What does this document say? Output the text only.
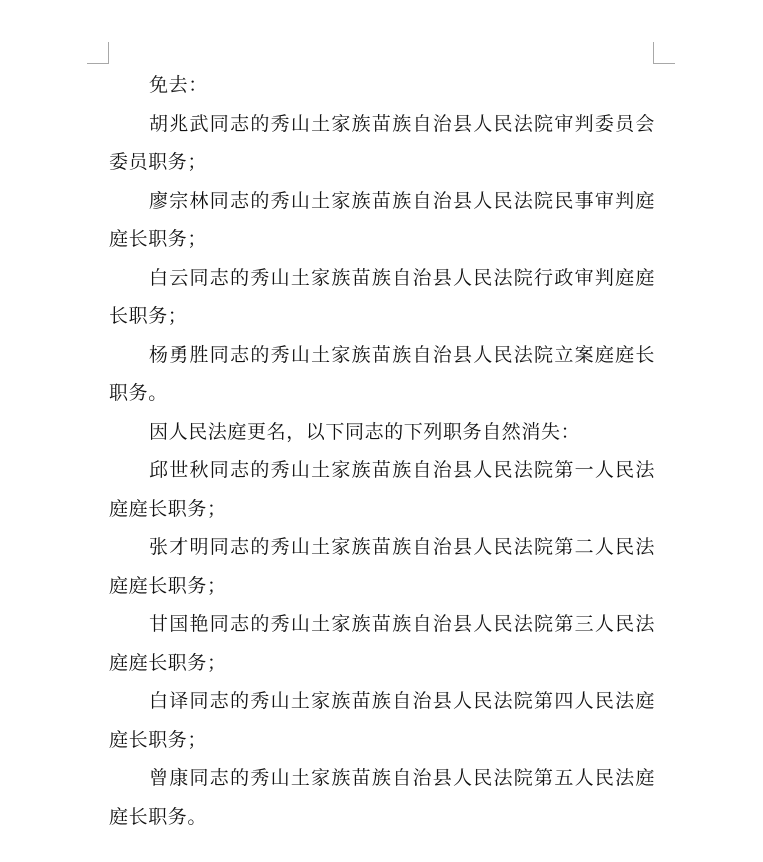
免去：

胡兆武同志的秀山土家族苗族自治县人民法院审判委员会委员职务；

廖宗林同志的秀山土家族苗族自治县人民法院民事审判庭庭长职务；

白云同志的秀山土家族苗族自治县人民法院行政审判庭庭长职务；

杨勇胜同志的秀山土家族苗族自治县人民法院立案庭庭长职务。

因人民法庭更名，以下同志的下列职务自然消失：

邱世秋同志的秀山土家族苗族自治县人民法院第一人民法庭庭长职务；

张才明同志的秀山土家族苗族自治县人民法院第二人民法庭庭长职务；

甘国艳同志的秀山土家族苗族自治县人民法院第三人民法庭庭长职务；

白译同志的秀山土家族苗族自治县人民法院第四人民法庭庭长职务；

曾康同志的秀山土家族苗族自治县人民法院第五人民法庭庭长职务。
